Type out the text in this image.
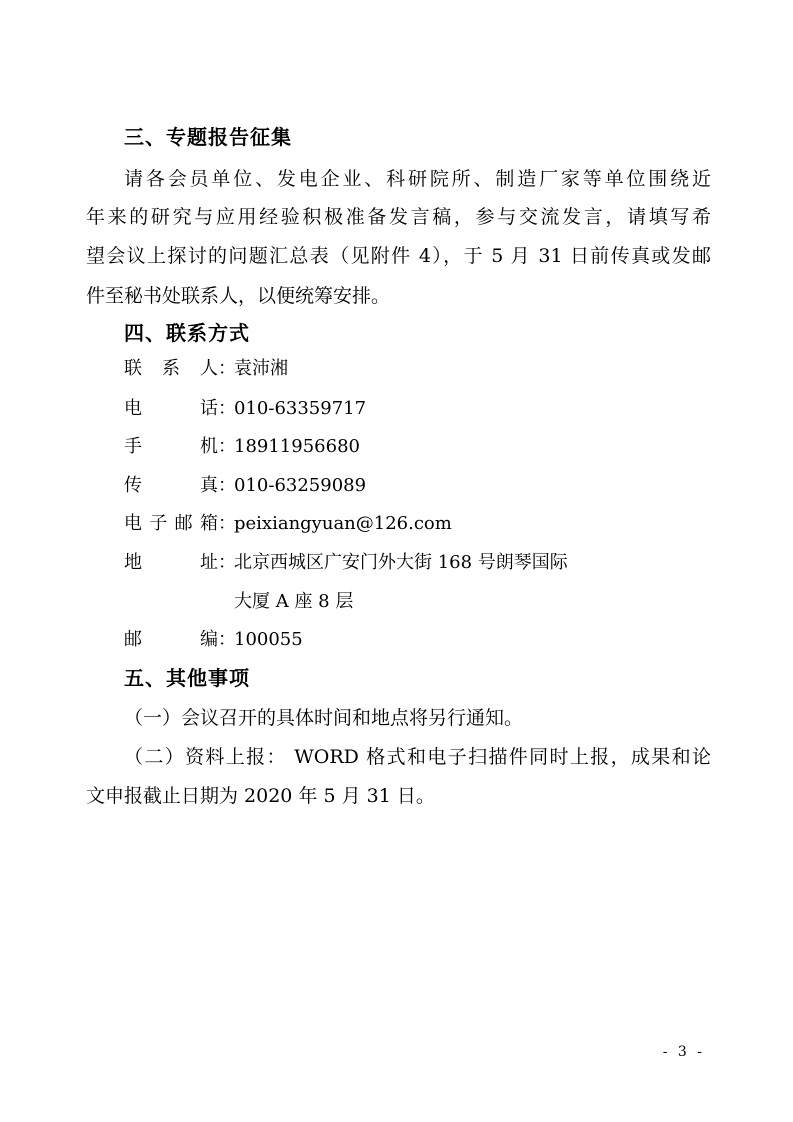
三、专题报告征集
请各会员单位、发电企业、科研院所、制造厂家等单位围绕近
年来的研究与应用经验积极准备发言稿，参与交流发言，请填写希
望会议上探讨的问题汇总表（见附件 4），于 5 月 31 日前传真或发邮
件至秘书处联系人，以便统筹安排。
四、联系方式
联系人 ：
袁沛湘
电话 ：
010-63359717
手机 ：
18911956680
传真 ：
010-63259089
电子邮箱 ：
peixiangyuan@126.com
地址 ：
北京西城区广安门外大街 168 号朗琴国际
大厦 A 座 8 层
邮编 ：
100055
五、其他事项
（一）会议召开的具体时间和地点将另行通知。
（二）资料上报： WORD 格式和电子扫描件同时上报，成果和论
文申报截止日期为 2020 年 5 月 31 日。
- 3 -
